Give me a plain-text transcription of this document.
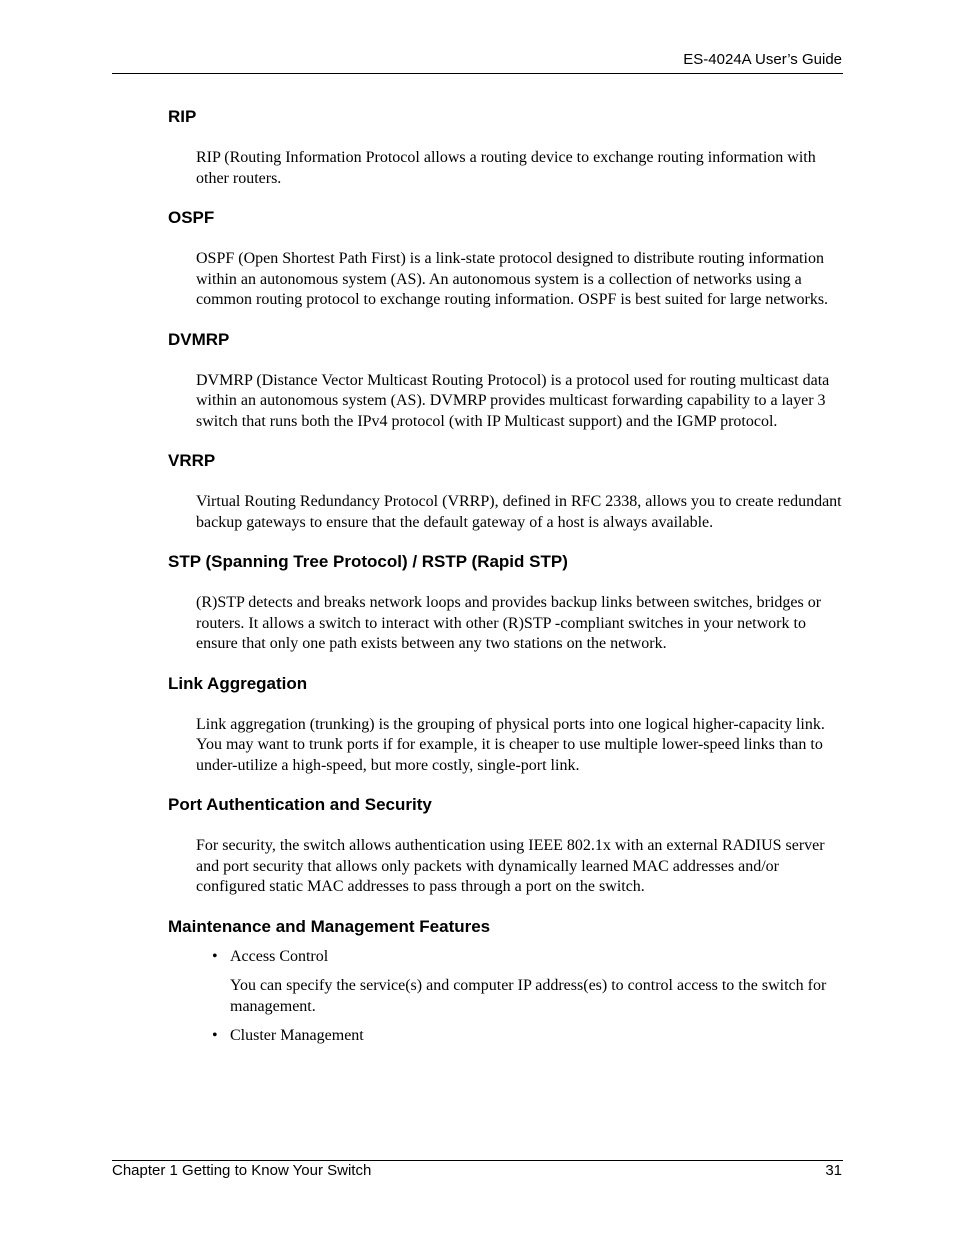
ES-4024A User’s Guide
RIP

RIP (Routing Information Protocol allows a routing device to exchange routing information with other routers.

OSPF

OSPF (Open Shortest Path First) is a link-state protocol designed to distribute routing information within an autonomous system (AS). An autonomous system is a collection of networks using a common routing protocol to exchange routing information. OSPF is best suited for large networks.

DVMRP

DVMRP (Distance Vector Multicast Routing Protocol) is a protocol used for routing multicast data within an autonomous system (AS). DVMRP provides multicast forwarding capability to a layer 3 switch that runs both the IPv4 protocol (with IP Multicast support) and the IGMP protocol.

VRRP

Virtual Routing Redundancy Protocol (VRRP), defined in RFC 2338, allows you to create redundant backup gateways to ensure that the default gateway of a host is always available.

STP (Spanning Tree Protocol) / RSTP (Rapid STP)

(R)STP detects and breaks network loops and provides backup links between switches, bridges or routers. It allows a switch to interact with other (R)STP -compliant switches in your network to ensure that only one path exists between any two stations on the network.

Link Aggregation

Link aggregation (trunking) is the grouping of physical ports into one logical higher-capacity link. You may want to trunk ports if for example, it is cheaper to use multiple lower-speed links than to under-utilize a high-speed, but more costly, single-port link.

Port Authentication and Security

For security, the switch allows authentication using IEEE 802.1x with an external RADIUS server and port security that allows only packets with dynamically learned MAC addresses and/or configured static MAC addresses to pass through a port on the switch.

Maintenance and Management Features
• Access Control
You can specify the service(s) and computer IP address(es) to control access to the switch for management.
• Cluster Management
Chapter 1 Getting to Know Your Switch	31
